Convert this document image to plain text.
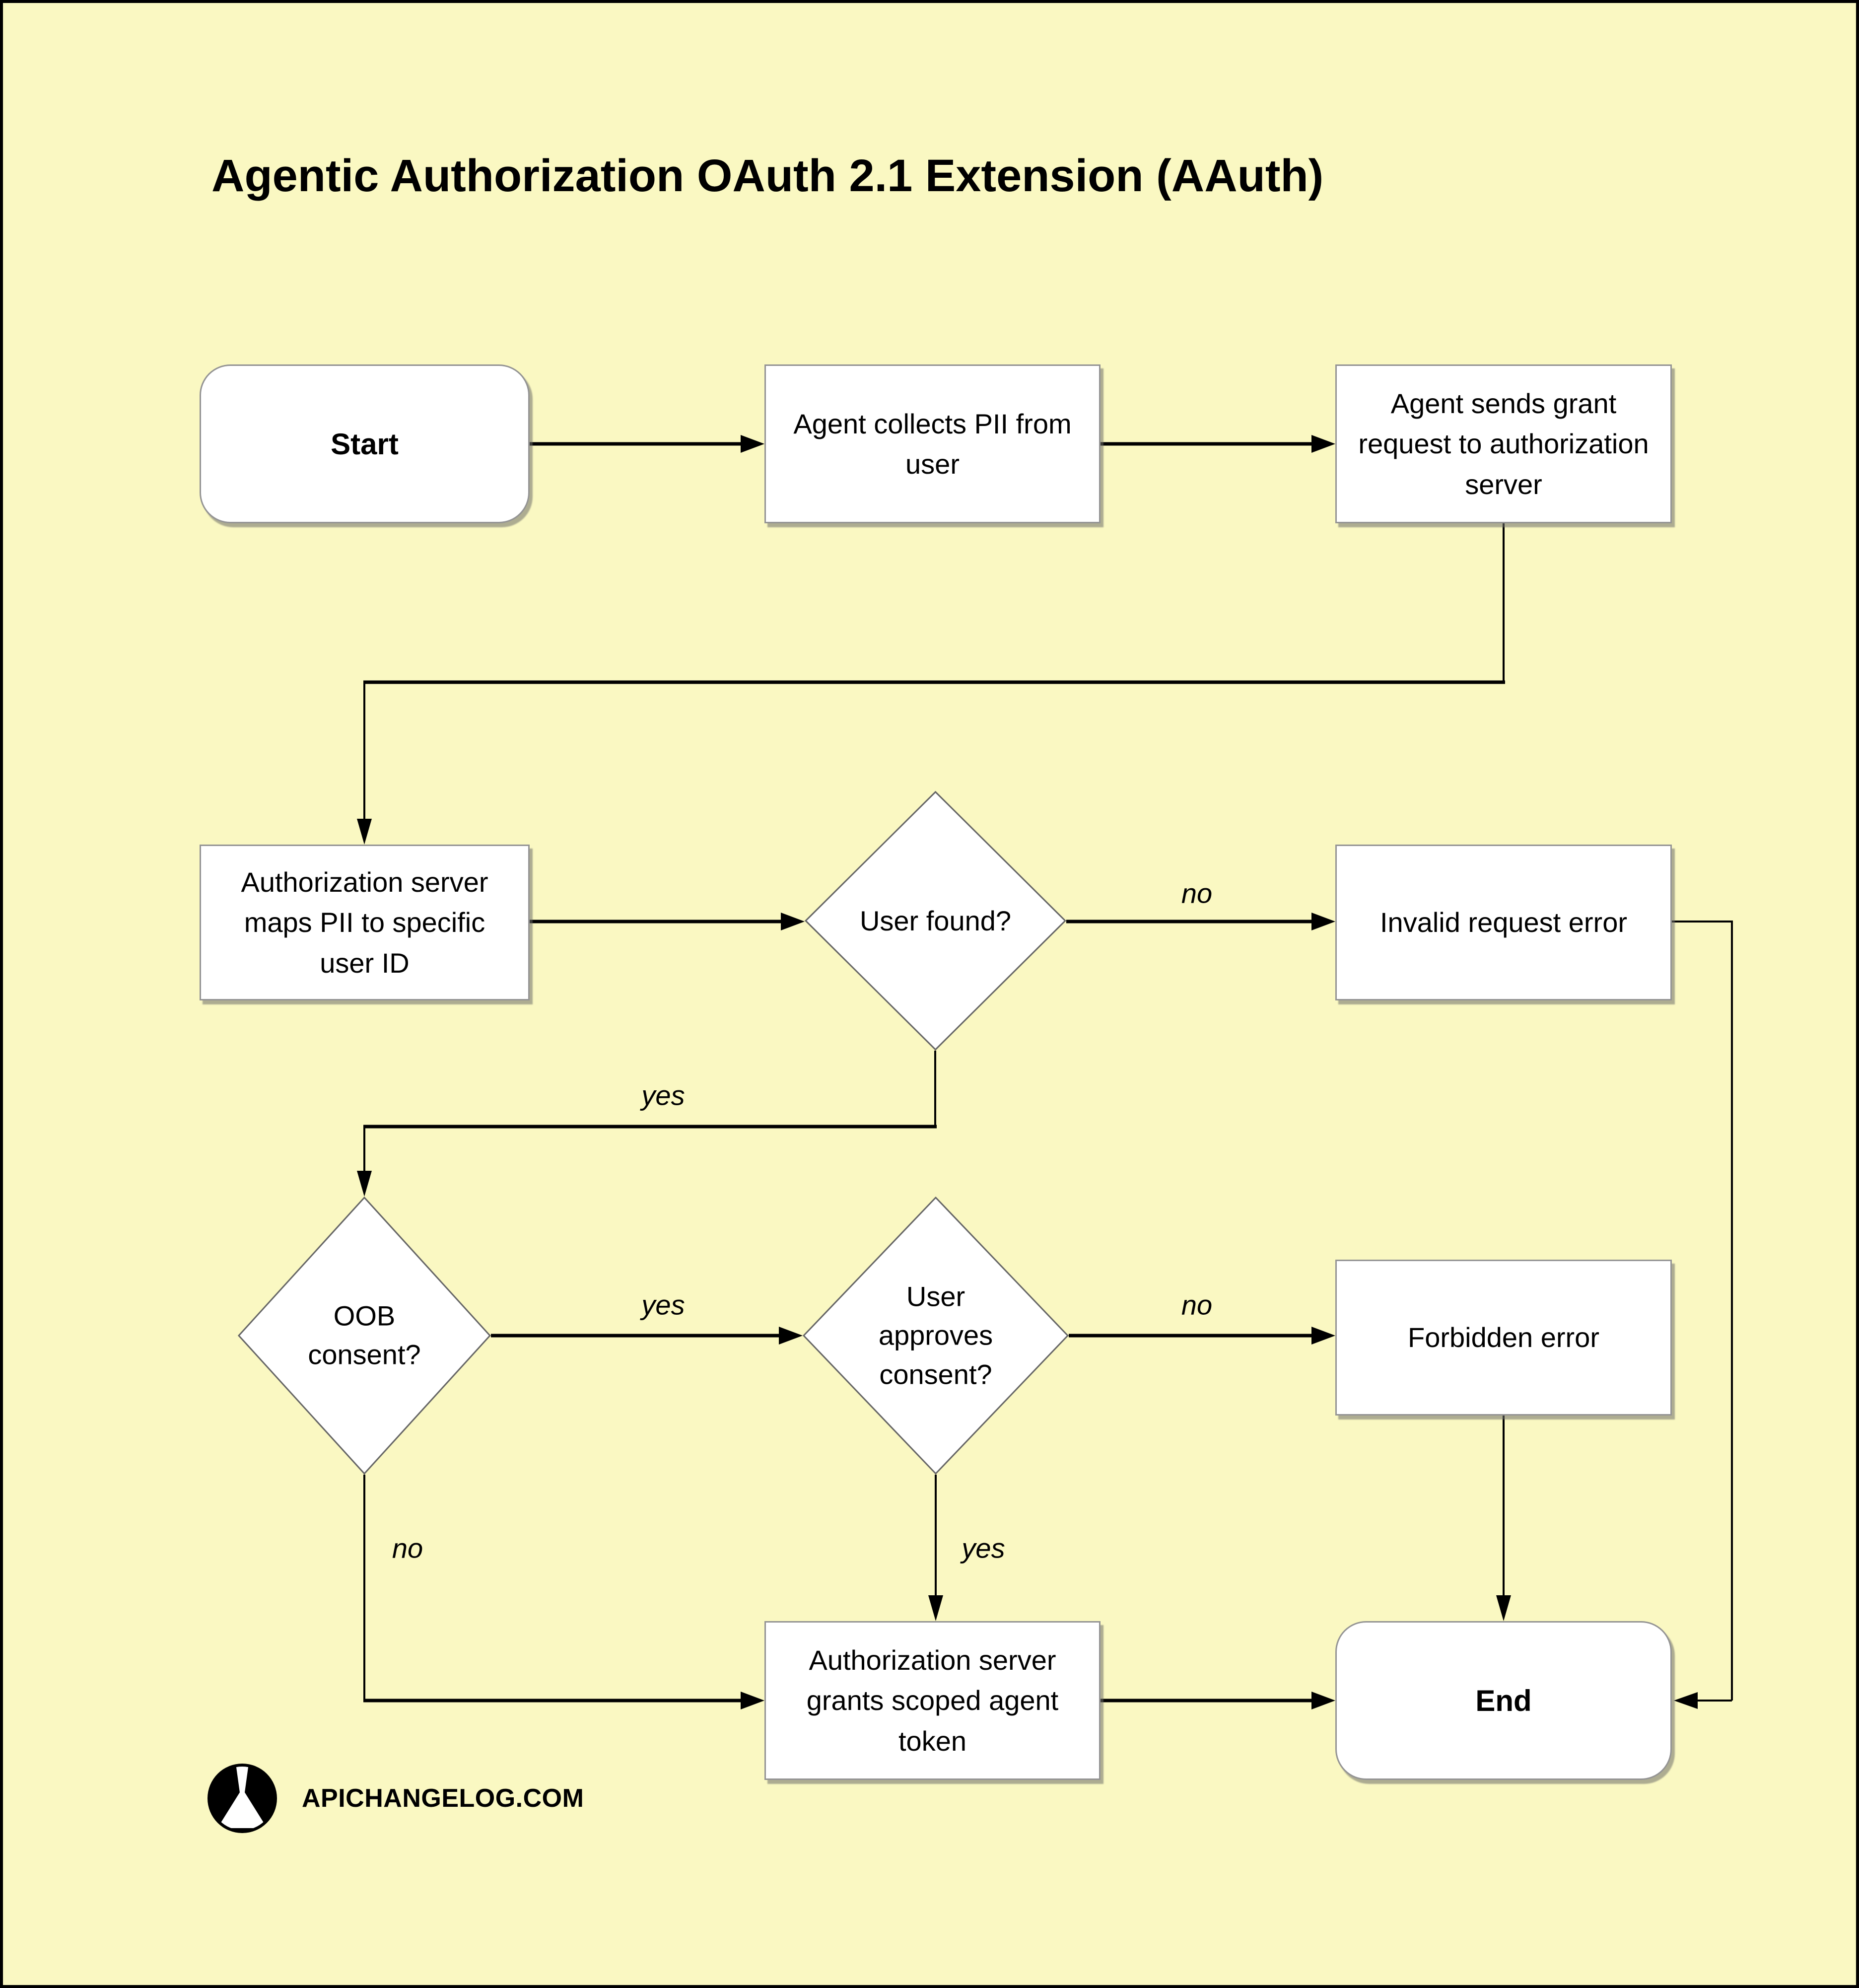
Agentic Authorization OAuth 2.1 Extension (AAuth)
no
yes
yes	no
no	yes
Start
Agent collects PII from user
Agent sends grant request to authorization server
Authorization server maps PII to specific user ID
User found?	Invalid request error
OOB consent?
User approves consent?
Forbidden error
Authorization server grants scoped agent token
End
APICHANGELOG.COM
